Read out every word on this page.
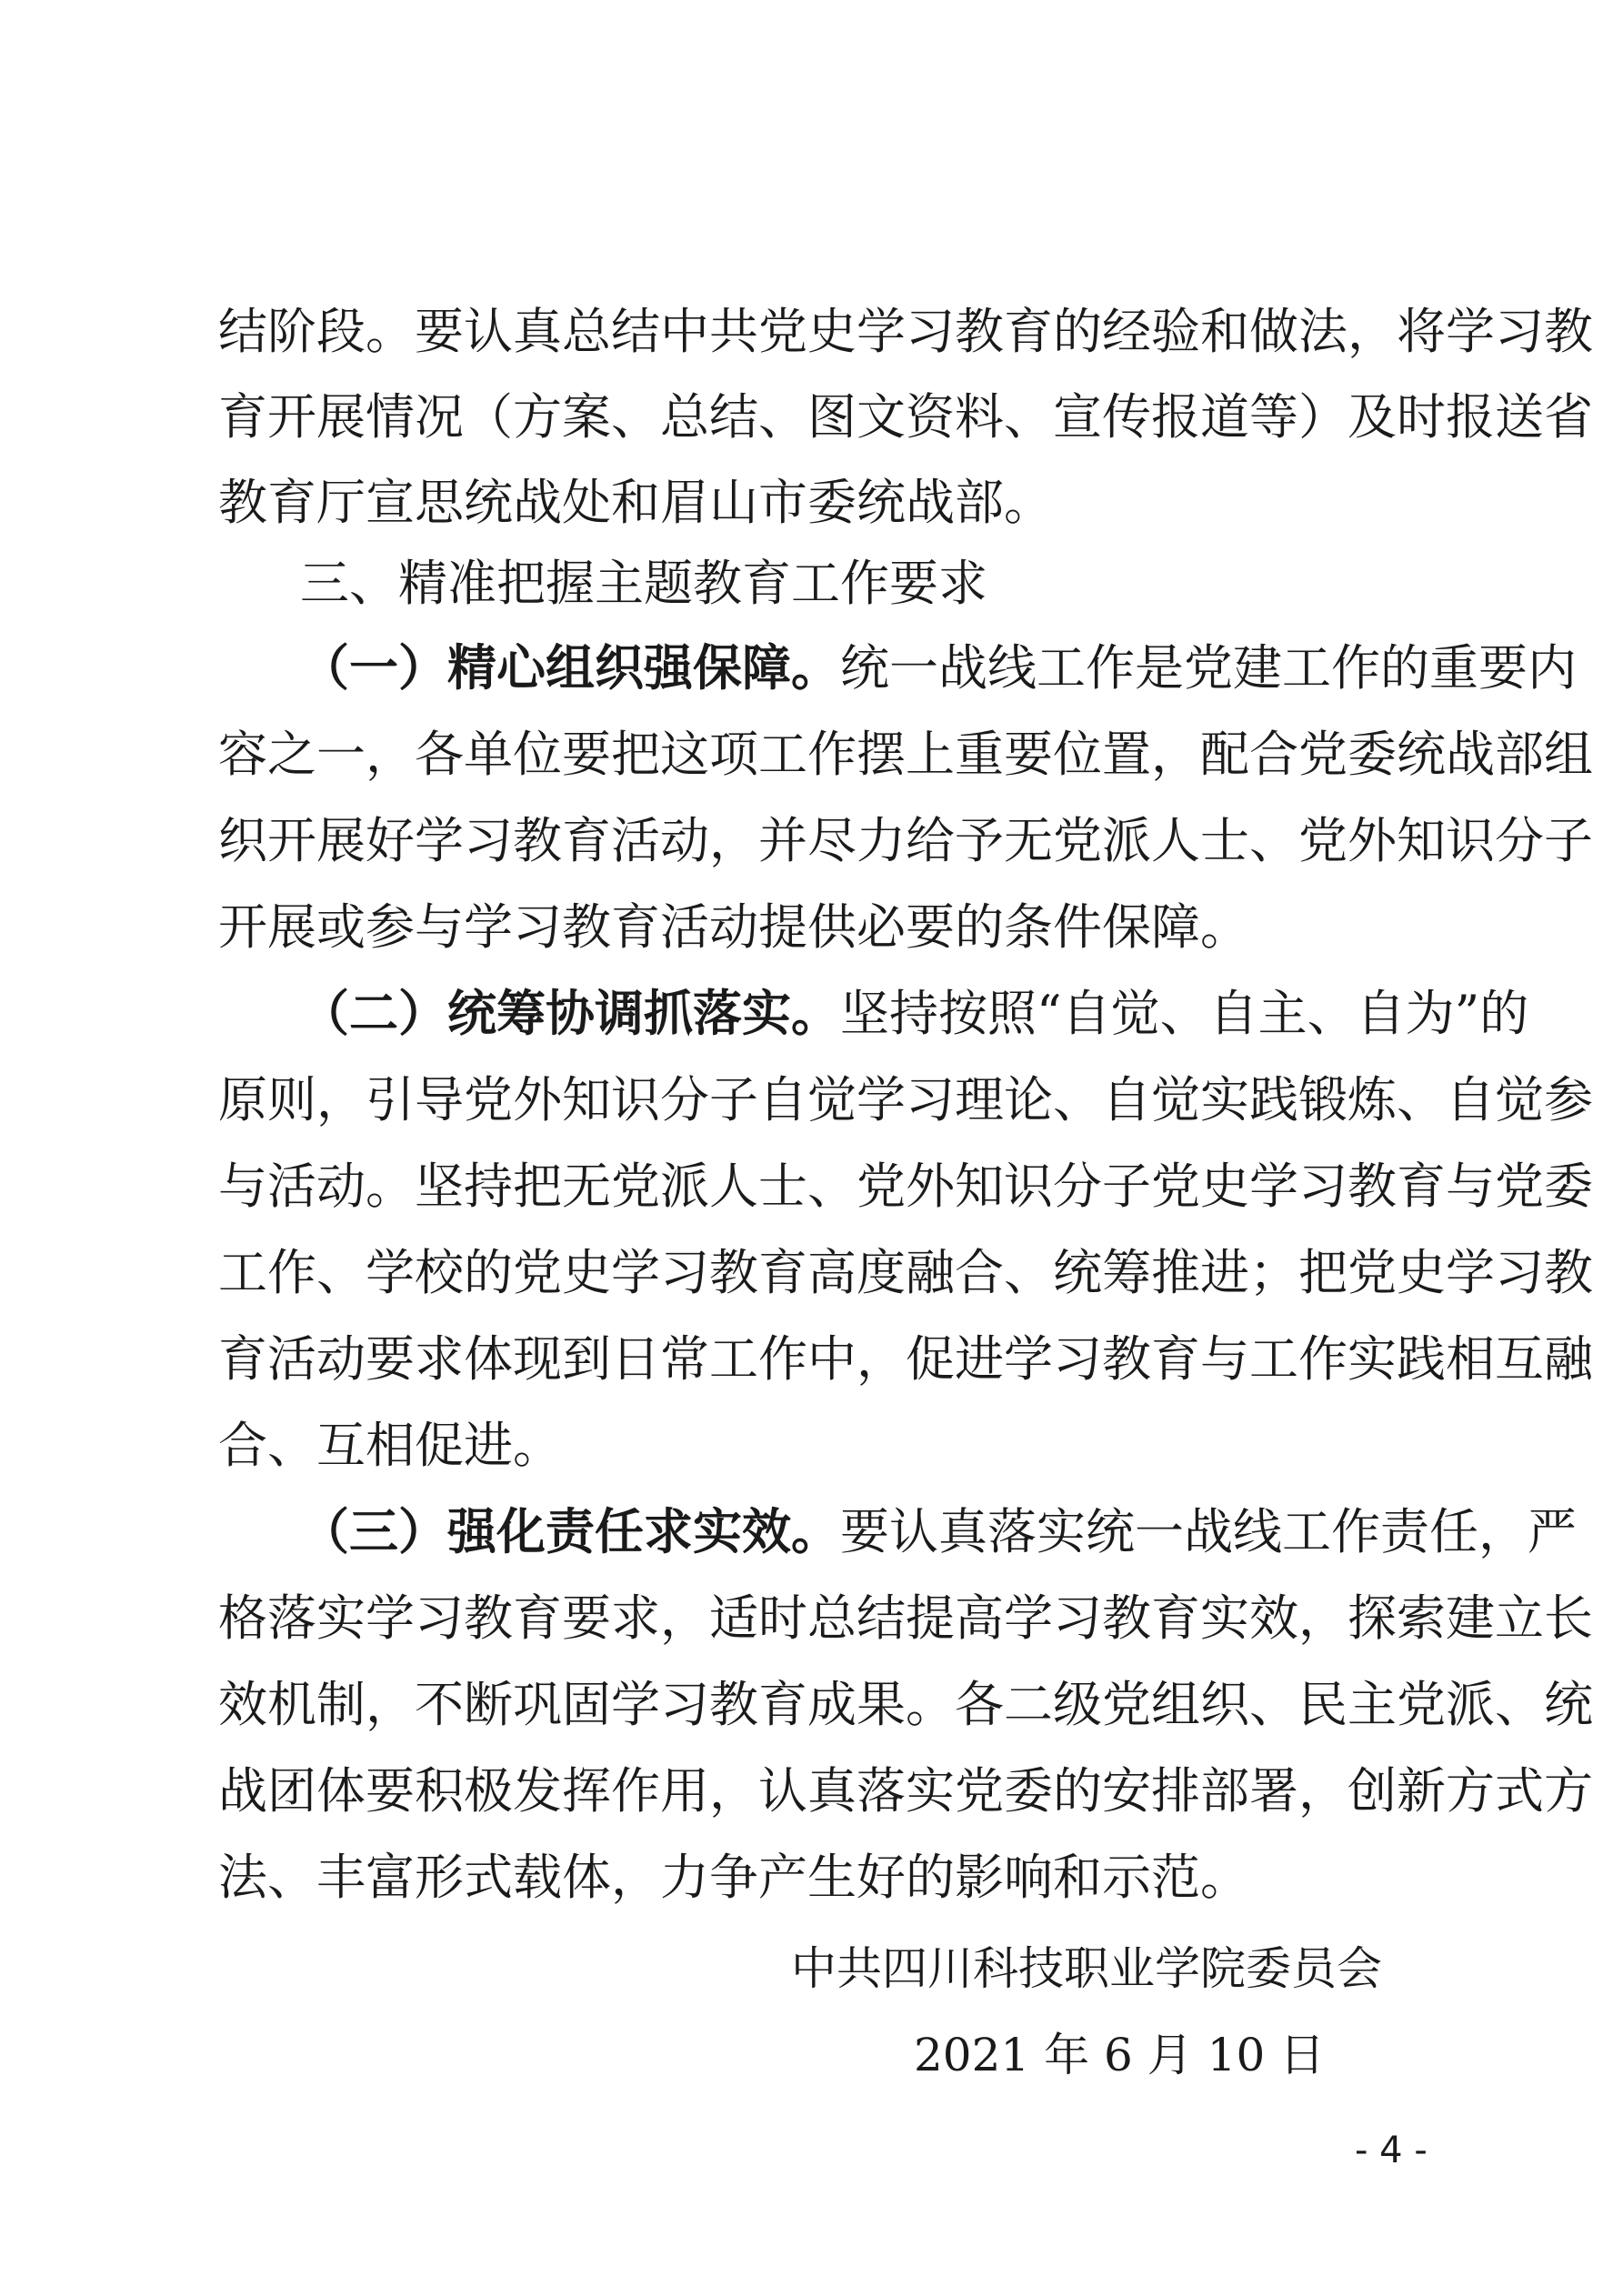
结阶段。要认真总结中共党史学习教育的经验和做法，将学习教
育开展情况（方案、总结、图文资料、宣传报道等）及时报送省
教育厅宣思统战处和眉山市委统战部。
三、精准把握主题教育工作要求
（一）精心组织强保障。统一战线工作是党建工作的重要内
容之一，各单位要把这项工作摆上重要位置，配合党委统战部组
织开展好学习教育活动，并尽力给予无党派人士、党外知识分子
开展或参与学习教育活动提供必要的条件保障。
（二）统筹协调抓落实。坚持按照“自觉、自主、自为”的
原则，引导党外知识分子自觉学习理论、自觉实践锻炼、自觉参
与活动。坚持把无党派人士、党外知识分子党史学习教育与党委
工作、学校的党史学习教育高度融合、统筹推进；把党史学习教
育活动要求体现到日常工作中，促进学习教育与工作实践相互融
合、互相促进。
（三）强化责任求实效。要认真落实统一战线工作责任，严
格落实学习教育要求，适时总结提高学习教育实效，探索建立长
效机制，不断巩固学习教育成果。各二级党组织、民主党派、统
战团体要积极发挥作用，认真落实党委的安排部署，创新方式方
法、丰富形式载体，力争产生好的影响和示范。
中共四川科技职业学院委员会
2021 年 6 月 10 日
- 4 -
